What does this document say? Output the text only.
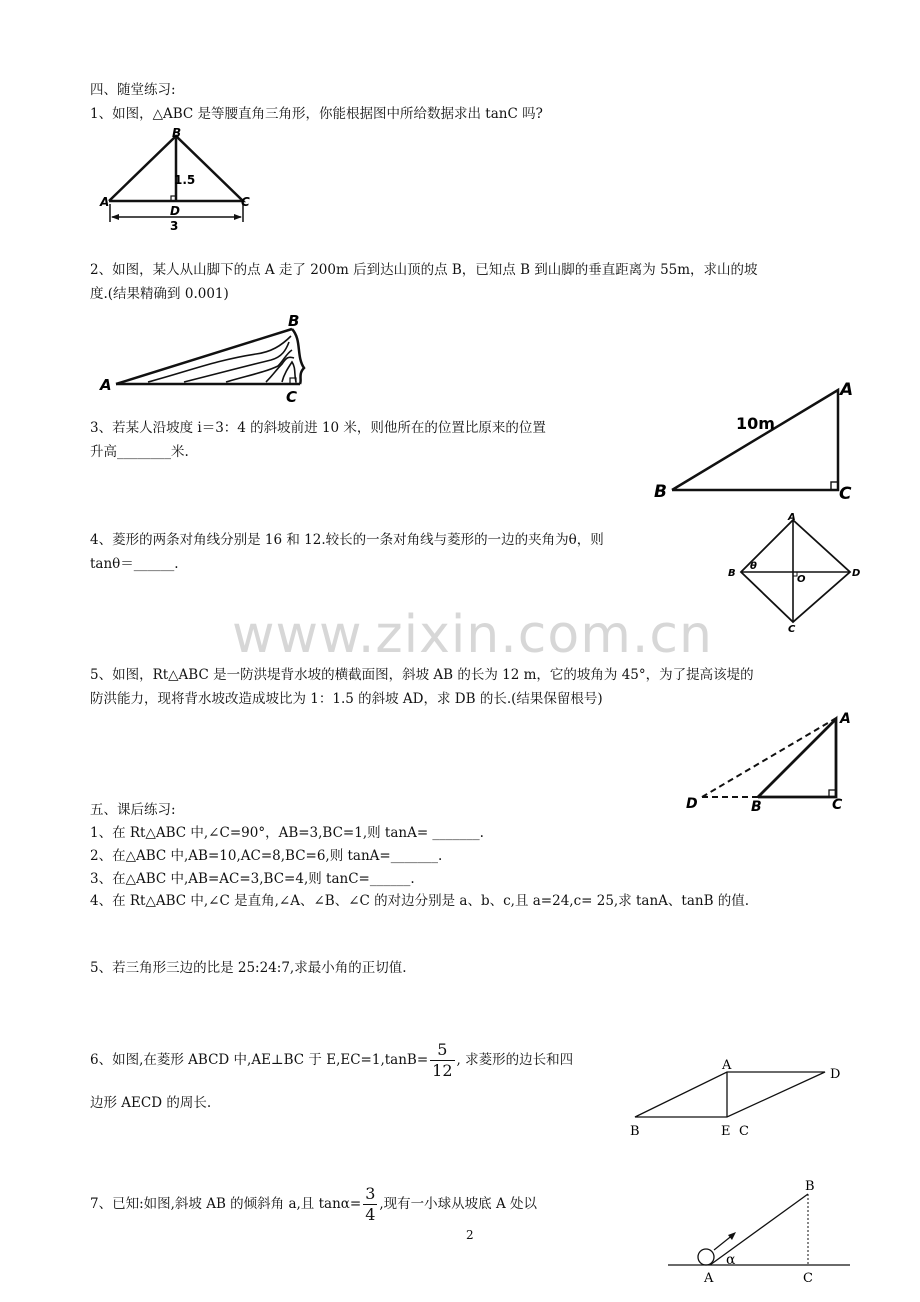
四、随堂练习:
1、如图，△ABC 是等腰直角三角形，你能根据图中所给数据求出 tanC 吗?
A
B
C
D
1.5
3
2、如图，某人从山脚下的点 A 走了 200m 后到达山顶的点 B，已知点 B 到山脚的垂直距离为 55m，求山的坡
度.(结果精确到 0.001)
A
B
C
3、若某人沿坡度 i＝3：4 的斜坡前进 10 米，则他所在的位置比原来的位置
升高________米.
B
A
C
10m
4、菱形的两条对角线分别是 16 和 12.较长的一条对角线与菱形的一边的夹角为θ，则
tanθ＝______.
A
B	D
C
O
θ
www.zixin.com.cn
5、如图，Rt△ABC 是一防洪堤背水坡的横截面图，斜坡 AB 的长为 12 m，它的坡角为 45°，为了提高该堤的
防洪能力，现将背水坡改造成坡比为 1：1.5 的斜坡 AD，求 DB 的长.(结果保留根号)
A
D	B	C
五、课后练习:
1、在 Rt△ABC 中,∠C=90°，AB=3,BC=1,则 tanA= _______.
2、在△ABC 中,AB=10,AC=8,BC=6,则 tanA=_______.
3、在△ABC 中,AB=AC=3,BC=4,则 tanC=______.
4、在 Rt△ABC 中,∠C 是直角,∠A、∠B、∠C 的对边分别是 a、b、c,且 a=24,c= 25,求 tanA、tanB 的值.
5、若三角形三边的比是 25:24:7,求最小角的正切值.
6、如图,在菱形 ABCD 中,AE⊥BC 于 $E,EC=1,\tan B= \frac{5}{12}$ , 求菱形的边长和四
边形 AECD 的周长.
A
B	E C
D
7、已知:如图,斜坡 AB 的倾斜角 a,且 $\tan\alpha= \frac{3}{4}$ ,现有一小球从坡底 A 处以
2
A
α
B
C
